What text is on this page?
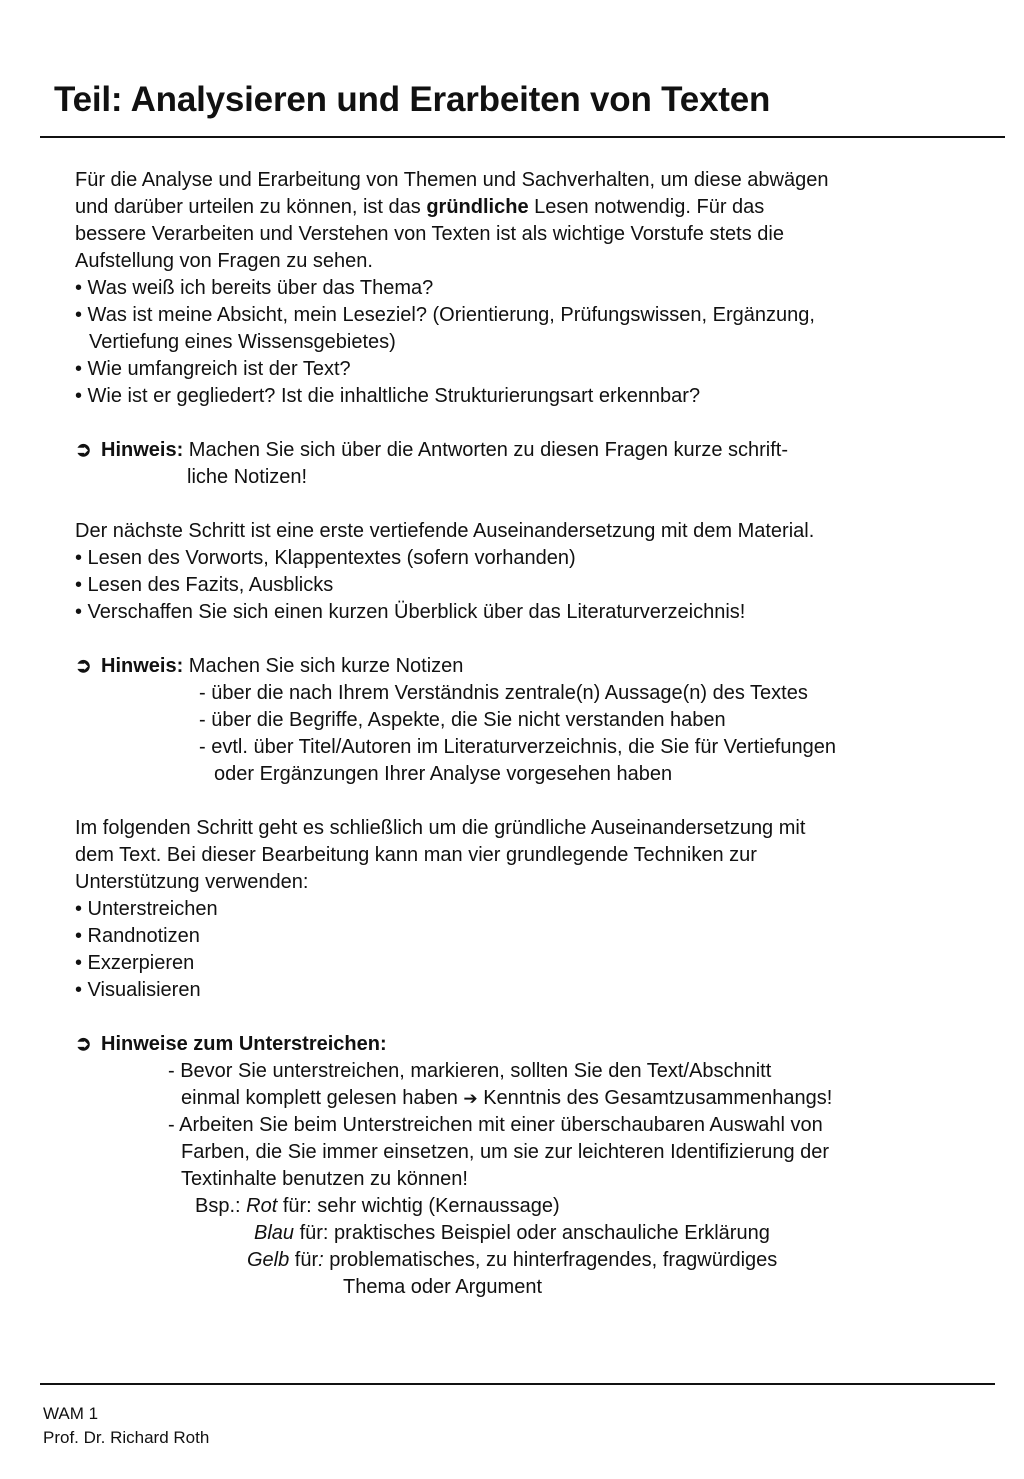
Teil: Analysieren und Erarbeiten von Texten
Für die Analyse und Erarbeitung von Themen und Sachverhalten, um diese abwägen
und darüber urteilen zu können, ist das gründliche Lesen notwendig. Für das
bessere Verarbeiten und Verstehen von Texten ist als wichtige Vorstufe stets die
Aufstellung von Fragen zu sehen.
• Was weiß ich bereits über das Thema?
• Was ist meine Absicht, mein Leseziel? (Orientierung, Prüfungswissen, Ergänzung,
Vertiefung eines Wissensgebietes)
• Wie umfangreich ist der Text?
• Wie ist er gegliedert? Ist die inhaltliche Strukturierungsart erkennbar?
➲ Hinweis: Machen Sie sich über die Antworten zu diesen Fragen kurze schrift-
liche Notizen!
Der nächste Schritt ist eine erste vertiefende Auseinandersetzung mit dem Material.
• Lesen des Vorworts, Klappentextes (sofern vorhanden)
• Lesen des Fazits, Ausblicks
• Verschaffen Sie sich einen kurzen Überblick über das Literaturverzeichnis!
➲ Hinweis: Machen Sie sich kurze Notizen
- über die nach Ihrem Verständnis zentrale(n) Aussage(n) des Textes
- über die Begriffe, Aspekte, die Sie nicht verstanden haben
- evtl. über Titel/Autoren im Literaturverzeichnis, die Sie für Vertiefungen
oder Ergänzungen Ihrer Analyse vorgesehen haben
Im folgenden Schritt geht es schließlich um die gründliche Auseinandersetzung mit
dem Text. Bei dieser Bearbeitung kann man vier grundlegende Techniken zur
Unterstützung verwenden:
• Unterstreichen
• Randnotizen
• Exzerpieren
• Visualisieren
➲ Hinweise zum Unterstreichen:
- Bevor Sie unterstreichen, markieren, sollten Sie den Text/Abschnitt
einmal komplett gelesen haben ➔ Kenntnis des Gesamtzusammenhangs!
- Arbeiten Sie beim Unterstreichen mit einer überschaubaren Auswahl von
Farben, die Sie immer einsetzen, um sie zur leichteren Identifizierung der
Textinhalte benutzen zu können!
Bsp.: Rot für: sehr wichtig (Kernaussage)
Blau für: praktisches Beispiel oder anschauliche Erklärung
Gelb für: problematisches, zu hinterfragendes, fragwürdiges
Thema oder Argument
WAM 1
Prof. Dr. Richard Roth
